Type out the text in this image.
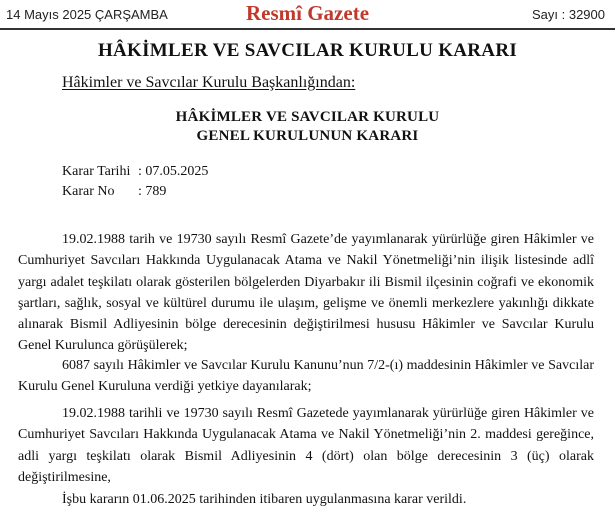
14 Mayıs 2025 ÇARŞAMBA	Resmî Gazete	Sayı : 32900
HÂKİMLER VE SAVCILAR KURULU KARARI
Hâkimler ve Savcılar Kurulu Başkanlığından:
HÂKİMLER VE SAVCILAR KURULU
GENEL KURULUNUN KARARI
Karar Tarihi : 07.05.2025
Karar No : 789

19.02.1988 tarih ve 19730 sayılı Resmî Gazete’de yayımlanarak yürürlüğe giren Hâkimler ve Cumhuriyet Savcıları Hakkında Uygulanacak Atama ve Nakil Yönetmeliği’nin ilişik listesinde adlî yargı adalet teşkilatı olarak gösterilen bölgelerden Diyarbakır ili Bismil ilçesinin coğrafi ve ekonomik şartları, sağlık, sosyal ve kültürel durumu ile ulaşım, gelişme ve önemli merkezlere yakınlığı dikkate alınarak Bismil Adliyesinin bölge derecesinin değiştirilmesi hususu Hâkimler ve Savcılar Kurulu Genel Kurulunca görüşülerek;

6087 sayılı Hâkimler ve Savcılar Kurulu Kanunu’nun 7/2-(ı) maddesinin Hâkimler ve Savcılar Kurulu Genel Kuruluna verdiği yetkiye dayanılarak;

19.02.1988 tarihli ve 19730 sayılı Resmî Gazetede yayımlanarak yürürlüğe giren Hâkimler ve Cumhuriyet Savcıları Hakkında Uygulanacak Atama ve Nakil Yönetmeliği’nin 2. maddesi gereğince, adli yargı teşkilatı olarak Bismil Adliyesinin 4 (dört) olan bölge derecesinin 3 (üç) olarak değiştirilmesine,

İşbu kararın 01.06.2025 tarihinden itibaren uygulanmasına karar verildi.
